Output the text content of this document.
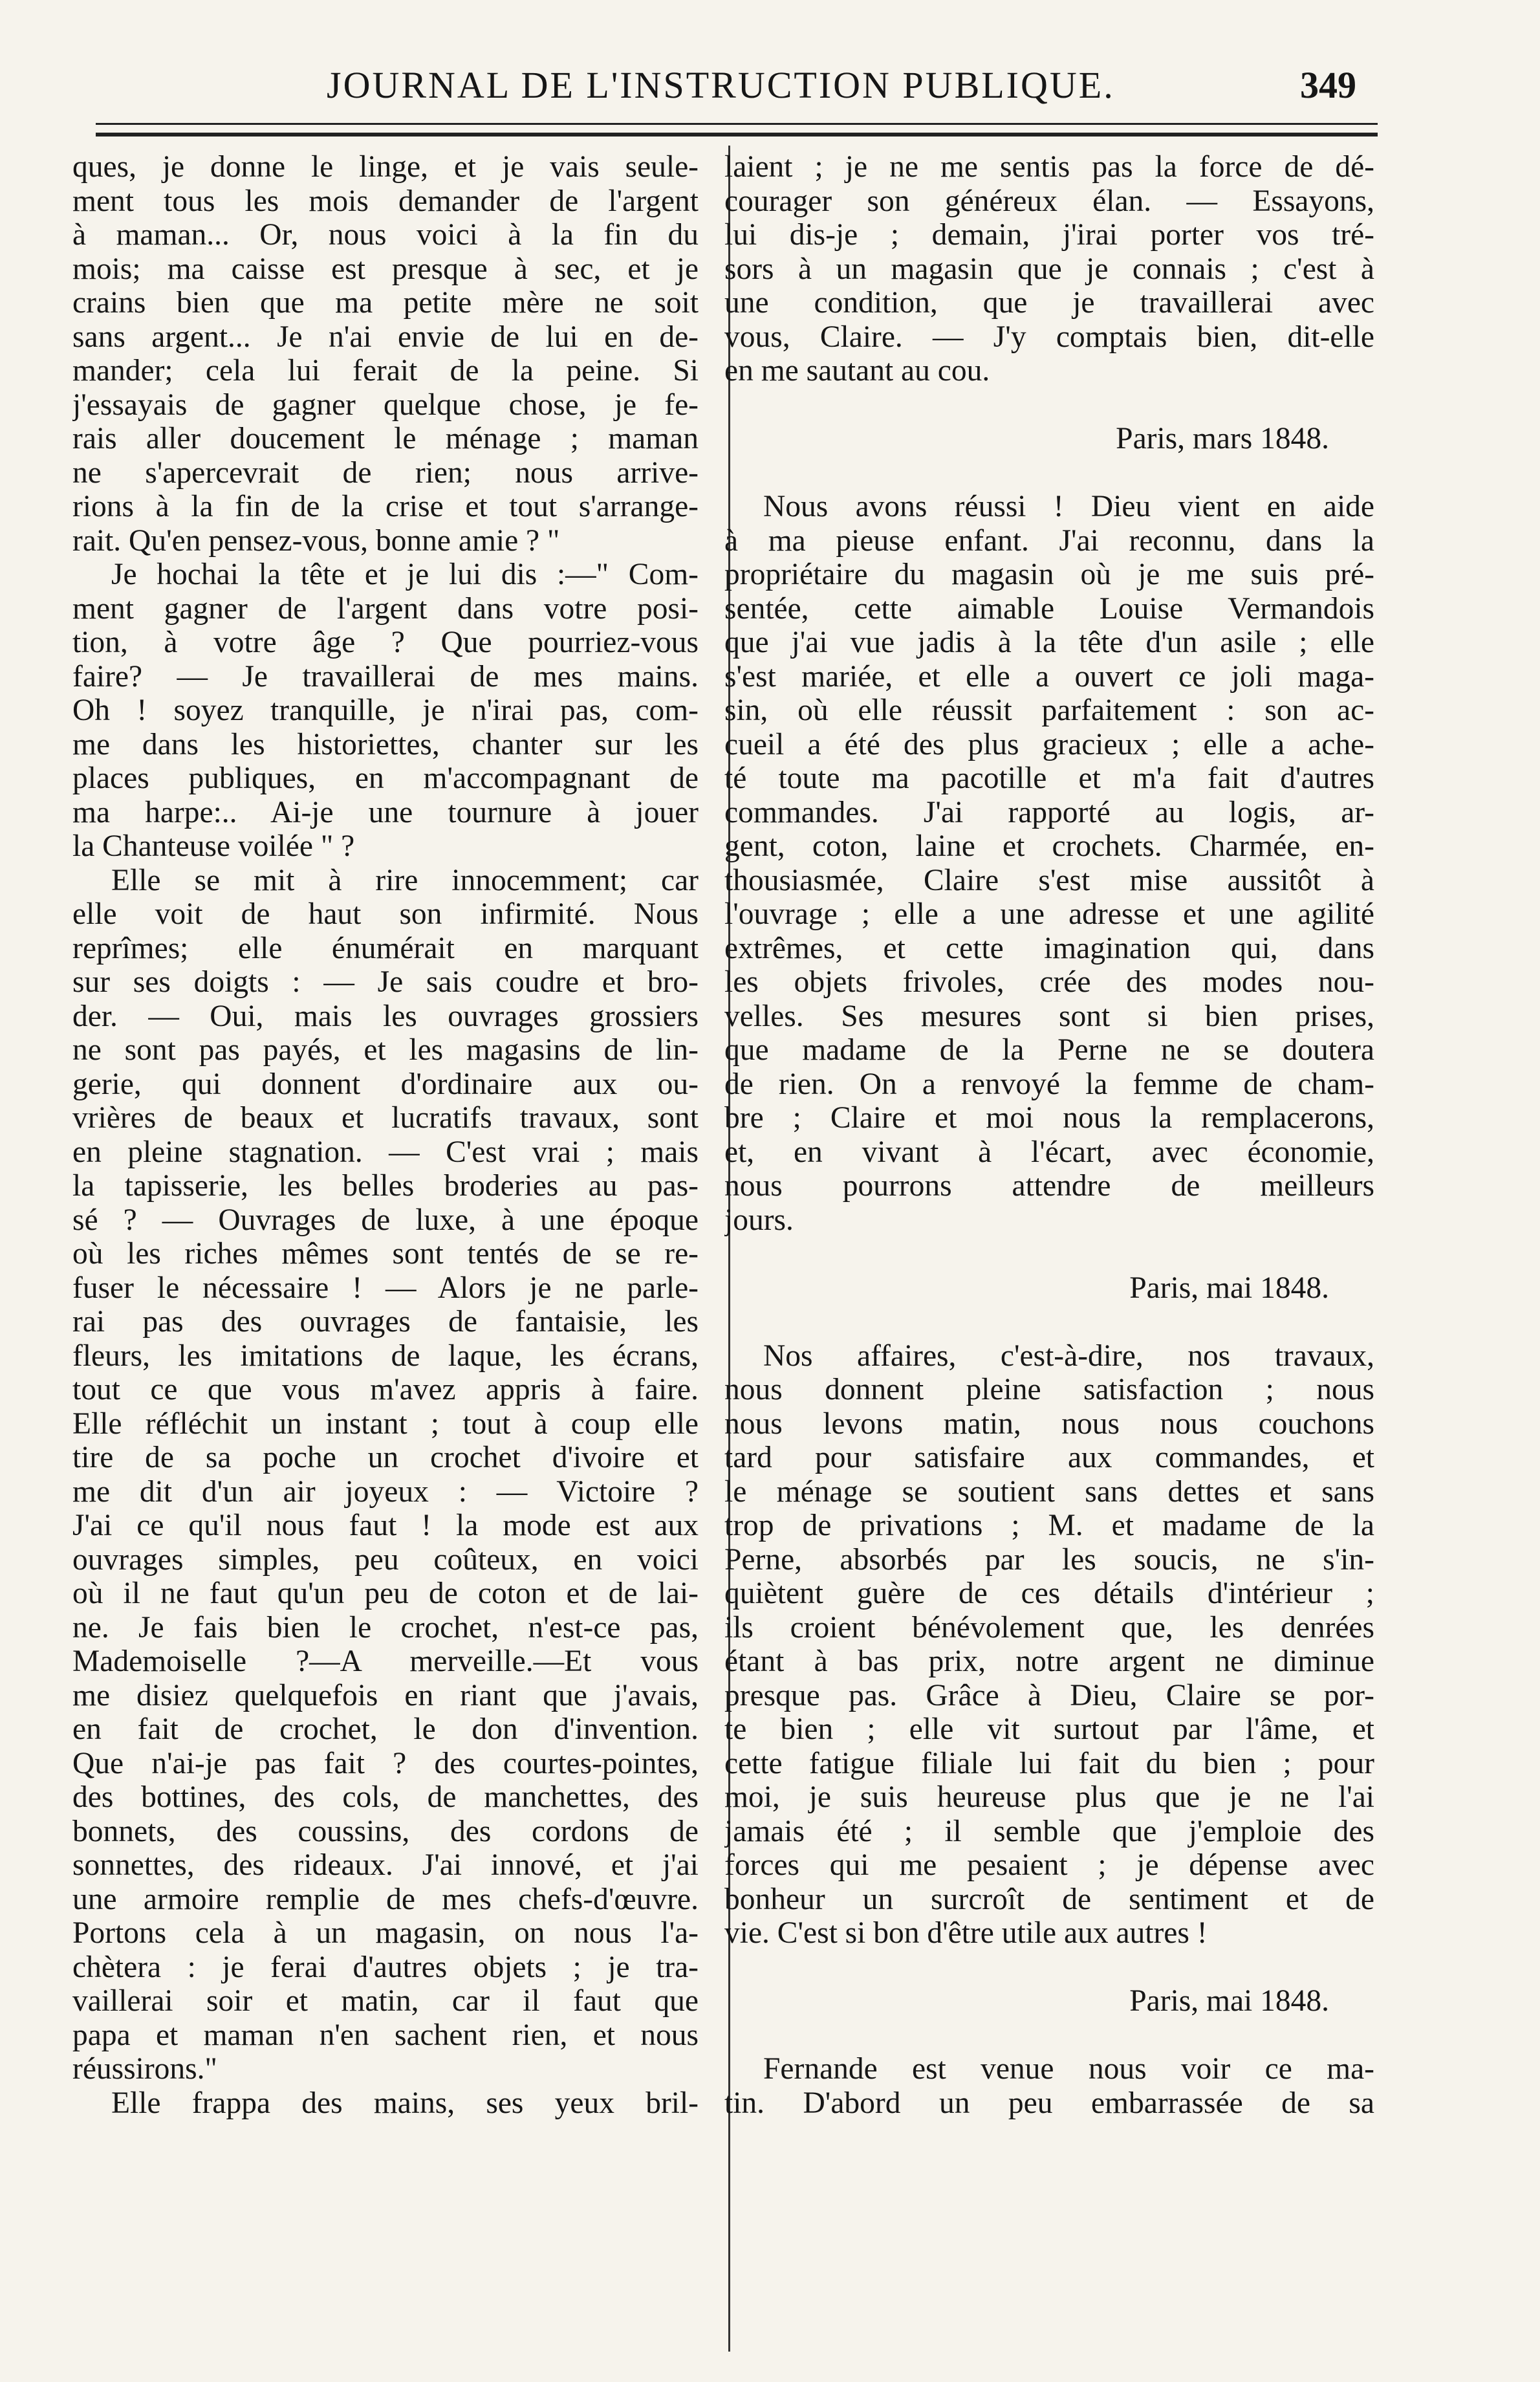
JOURNAL DE L'INSTRUCTION PUBLIQUE.	349
ques, je donne le linge, et je vais seule-
ment tous les mois demander de l'argent
à maman... Or, nous voici à la fin du
mois; ma caisse est presque à sec, et je
crains bien que ma petite mère ne soit
sans argent... Je n'ai envie de lui en de-
mander; cela lui ferait de la peine. Si
j'essayais de gagner quelque chose, je fe-
rais aller doucement le ménage ; maman
ne s'apercevrait de rien; nous arrive-
rions à la fin de la crise et tout s'arrange-
rait. Qu'en pensez-vous, bonne amie ? "
Je hochai la tête et je lui dis :—" Com-
ment gagner de l'argent dans votre posi-
tion, à votre âge ? Que pourriez-vous
faire? — Je travaillerai de mes mains.
Oh ! soyez tranquille, je n'irai pas, com-
me dans les historiettes, chanter sur les
places publiques, en m'accompagnant de
ma harpe:.. Ai-je une tournure à jouer
la Chanteuse voilée " ?
Elle se mit à rire innocemment; car
elle voit de haut son infirmité. Nous
reprîmes; elle énumérait en marquant
sur ses doigts : — Je sais coudre et bro-
der. — Oui, mais les ouvrages grossiers
ne sont pas payés, et les magasins de lin-
gerie, qui donnent d'ordinaire aux ou-
vrières de beaux et lucratifs travaux, sont
en pleine stagnation. — C'est vrai ; mais
la tapisserie, les belles broderies au pas-
sé ? — Ouvrages de luxe, à une époque
où les riches mêmes sont tentés de se re-
fuser le nécessaire ! — Alors je ne parle-
rai pas des ouvrages de fantaisie, les
fleurs, les imitations de laque, les écrans,
tout ce que vous m'avez appris à faire.
Elle réfléchit un instant ; tout à coup elle
tire de sa poche un crochet d'ivoire et
me dit d'un air joyeux : — Victoire ?
J'ai ce qu'il nous faut ! la mode est aux
ouvrages simples, peu coûteux, en voici
où il ne faut qu'un peu de coton et de lai-
ne. Je fais bien le crochet, n'est-ce pas,
Mademoiselle ?—A merveille.—Et vous
me disiez quelquefois en riant que j'avais,
en fait de crochet, le don d'invention.
Que n'ai-je pas fait ? des courtes-pointes,
des bottines, des cols, de manchettes, des
bonnets, des coussins, des cordons de
sonnettes, des rideaux. J'ai innové, et j'ai
une armoire remplie de mes chefs-d'œuvre.
Portons cela à un magasin, on nous l'a-
chètera : je ferai d'autres objets ; je tra-
vaillerai soir et matin, car il faut que
papa et maman n'en sachent rien, et nous
réussirons."
Elle frappa des mains, ses yeux bril-
laient ; je ne me sentis pas la force de dé-
courager son généreux élan. — Essayons,
lui dis-je ; demain, j'irai porter vos tré-
sors à un magasin que je connais ; c'est à
une condition, que je travaillerai avec
vous, Claire. — J'y comptais bien, dit-elle
en me sautant au cou.
Paris, mars 1848.
Nous avons réussi ! Dieu vient en aide
à ma pieuse enfant. J'ai reconnu, dans la
propriétaire du magasin où je me suis pré-
sentée, cette aimable Louise Vermandois
que j'ai vue jadis à la tête d'un asile ; elle
s'est mariée, et elle a ouvert ce joli maga-
sin, où elle réussit parfaitement : son ac-
cueil a été des plus gracieux ; elle a ache-
té toute ma pacotille et m'a fait d'autres
commandes. J'ai rapporté au logis, ar-
gent, coton, laine et crochets. Charmée, en-
thousiasmée, Claire s'est mise aussitôt à
l'ouvrage ; elle a une adresse et une agilité
extrêmes, et cette imagination qui, dans
les objets frivoles, crée des modes nou-
velles. Ses mesures sont si bien prises,
que madame de la Perne ne se doutera
de rien. On a renvoyé la femme de cham-
bre ; Claire et moi nous la remplacerons,
et, en vivant à l'écart, avec économie,
nous pourrons attendre de meilleurs
jours.
Paris, mai 1848.
Nos affaires, c'est-à-dire, nos travaux,
nous donnent pleine satisfaction ; nous
nous levons matin, nous nous couchons
tard pour satisfaire aux commandes, et
le ménage se soutient sans dettes et sans
trop de privations ; M. et madame de la
Perne, absorbés par les soucis, ne s'in-
quiètent guère de ces détails d'intérieur ;
ils croient bénévolement que, les denrées
étant à bas prix, notre argent ne diminue
presque pas. Grâce à Dieu, Claire se por-
te bien ; elle vit surtout par l'âme, et
cette fatigue filiale lui fait du bien ; pour
moi, je suis heureuse plus que je ne l'ai
jamais été ; il semble que j'emploie des
forces qui me pesaient ; je dépense avec
bonheur un surcroît de sentiment et de
vie. C'est si bon d'être utile aux autres !
Paris, mai 1848.
Fernande est venue nous voir ce ma-
tin. D'abord un peu embarrassée de sa
